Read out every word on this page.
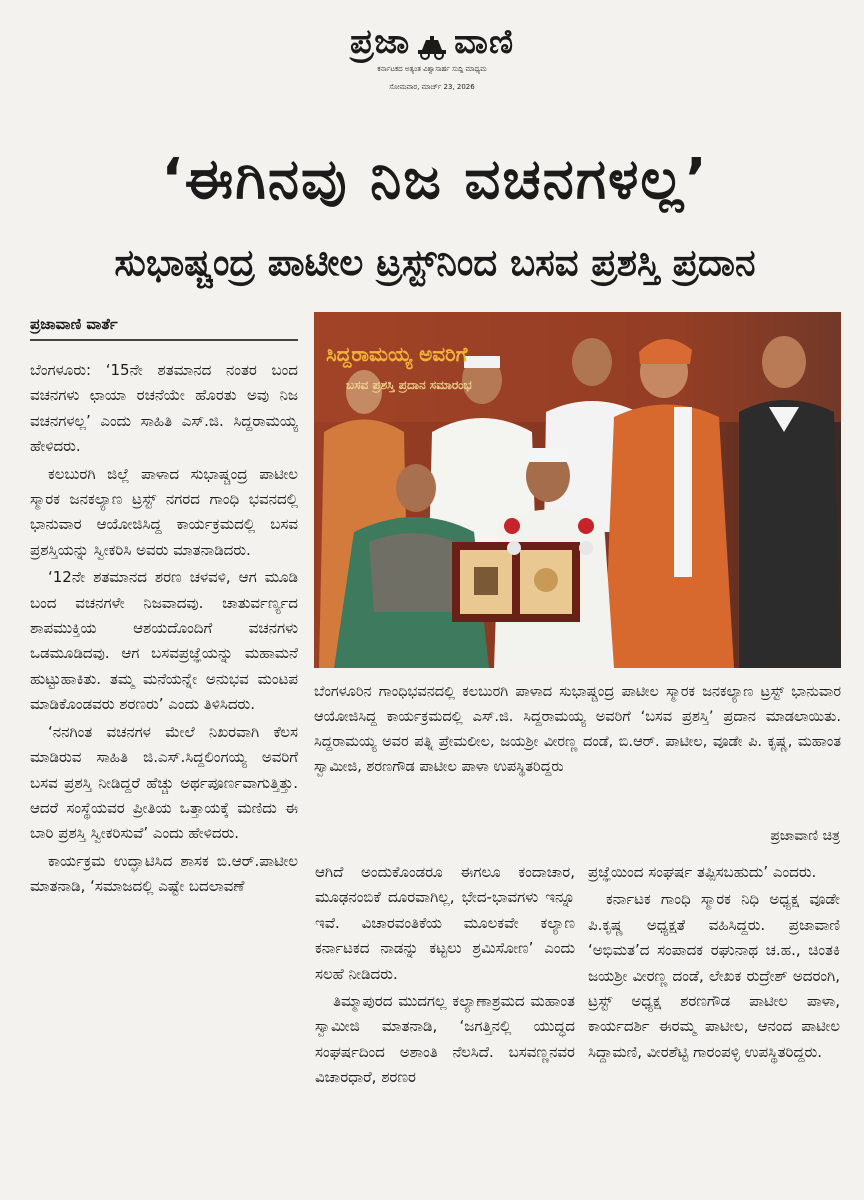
ಪ್ರಜಾ ವಾಣಿ
ಕರ್ನಾಟಕದ ಅತ್ಯಂತ ವಿಶ್ವಾಸಾರ್ಹ ಸುದ್ದಿ ಮಾಧ್ಯಮ
ಸೋಮವಾರ, ಮಾರ್ಚ್ 23, 2026
‘ಈಗಿನವು ನಿಜ ವಚನಗಳಲ್ಲ’
ಸುಭಾಷ್ಚಂದ್ರ ಪಾಟೀಲ ಟ್ರಸ್ಟ್‌ನಿಂದ ಬಸವ ಪ್ರಶಸ್ತಿ ಪ್ರದಾನ
ಪ್ರಜಾವಾಣಿ ವಾರ್ತೆ

ಬೆಂಗಳೂರು: ‘15ನೇ ಶತಮಾನದ ನಂತರ ಬಂದ ವಚನಗಳು ಛಾಯಾ ರಚನೆಯೇ ಹೊರತು ಅವು ನಿಜ ವಚನಗಳಲ್ಲ’ ಎಂದು ಸಾಹಿತಿ ಎಸ್.ಜಿ. ಸಿದ್ದರಾಮಯ್ಯ ಹೇಳಿದರು.

ಕಲಬುರಗಿ ಜಿಲ್ಲೆ ಪಾಳಾದ ಸುಭಾಷ್ಚಂದ್ರ ಪಾಟೀಲ ಸ್ಮಾರಕ ಜನಕಲ್ಯಾಣ ಟ್ರಸ್ಟ್ ನಗರದ ಗಾಂಧಿ ಭವನದಲ್ಲಿ ಭಾನುವಾರ ಆಯೋಜಿಸಿದ್ದ ಕಾರ್ಯಕ್ರಮದಲ್ಲಿ ಬಸವ ಪ್ರಶಸ್ತಿಯನ್ನು ಸ್ವೀಕರಿಸಿ ಅವರು ಮಾತನಾಡಿದರು.

‘12ನೇ ಶತಮಾನದ ಶರಣ ಚಳವಳಿ, ಆಗ ಮೂಡಿ ಬಂದ ವಚನಗಳೇ ನಿಜವಾದವು. ಚಾತುರ್ವರ್ಣ್ಯದ ಶಾಪಮುಕ್ತಿಯ ಆಶಯದೊಂದಿಗೆ ವಚನಗಳು ಒಡಮೂಡಿದವು. ಆಗ ಬಸವಪ್ರಜ್ಞೆಯನ್ನು ಮಹಾಮನೆ ಹುಟ್ಟುಹಾಕಿತು. ತಮ್ಮ ಮನೆಯನ್ನೇ ಅನುಭವ ಮಂಟಪ ಮಾಡಿಕೊಂಡವರು ಶರಣರು’ ಎಂದು ತಿಳಿಸಿದರು.

‘ನನಗಿಂತ ವಚನಗಳ ಮೇಲೆ ನಿಖರವಾಗಿ ಕೆಲಸ ಮಾಡಿರುವ ಸಾಹಿತಿ ಜಿ.ಎಸ್.ಸಿದ್ದಲಿಂಗಯ್ಯ ಅವರಿಗೆ ಬಸವ ಪ್ರಶಸ್ತಿ ನೀಡಿದ್ದರೆ ಹೆಚ್ಚು ಅರ್ಥಪೂರ್ಣವಾಗುತ್ತಿತ್ತು. ಆದರೆ ಸಂಸ್ಥೆಯವರ ಪ್ರೀತಿಯ ಒತ್ತಾಯಕ್ಕೆ ಮಣಿದು ಈ ಬಾರಿ ಪ್ರಶಸ್ತಿ ಸ್ವೀಕರಿಸುವೆ’ ಎಂದು ಹೇಳಿದರು.

ಕಾರ್ಯಕ್ರಮ ಉದ್ಘಾಟಿಸಿದ ಶಾಸಕ ಬಿ.ಆರ್.ಪಾಟೀಲ ಮಾತನಾಡಿ, ‘ಸಮಾಜದಲ್ಲಿ ಎಷ್ಟೇ ಬದಲಾವಣೆ

ಸಿದ್ದರಾಮಯ್ಯ ಅವರಿಗೆ
ಬಸವ ಪ್ರಶಸ್ತಿ ಪ್ರದಾನ ಸಮಾರಂಭ
ಬೆಂಗಳೂರಿನ ಗಾಂಧಿಭವನದಲ್ಲಿ ಕಲಬುರಗಿ ಪಾಳಾದ ಸುಭಾಷ್ಚಂದ್ರ ಪಾಟೀಲ ಸ್ಮಾರಕ ಜನಕಲ್ಯಾಣ ಟ್ರಸ್ಟ್ ಭಾನುವಾರ ಆಯೋಜಿಸಿದ್ದ ಕಾರ್ಯಕ್ರಮದಲ್ಲಿ ಎಸ್‌.ಜಿ. ಸಿದ್ದರಾಮಯ್ಯ ಅವರಿಗೆ ‘ಬಸವ ಪ್ರಶಸ್ತಿ’ ಪ್ರದಾನ ಮಾಡಲಾಯಿತು. ಸಿದ್ದರಾಮಯ್ಯ ಅವರ ಪತ್ನಿ ಪ್ರೇಮಲೀಲ, ಜಯಶ್ರೀ ವೀರಣ್ಣ ದಂಡೆ, ಬಿ.ಆರ್. ಪಾಟೀಲ, ವೂಡೇ ಪಿ. ಕೃಷ್ಣ, ಮಹಾಂತ ಸ್ವಾಮೀಜಿ, ಶರಣಗೌಡ ಪಾಟೀಲ ಪಾಳಾ ಉಪಸ್ಥಿತರಿದ್ದರು
ಪ್ರಜಾವಾಣಿ ಚಿತ್ರ

ಆಗಿದೆ ಅಂದುಕೊಂಡರೂ ಈಗಲೂ ಕಂದಾಚಾರ, ಮೂಢನಂಬಿಕೆ ದೂರವಾಗಿಲ್ಲ, ಭೇದ-ಭಾವಗಳು ಇನ್ನೂ ಇವೆ. ವಿಚಾರವಂತಿಕೆಯ ಮೂಲಕವೇ ಕಲ್ಯಾಣ ಕರ್ನಾಟಕದ ನಾಡನ್ನು ಕಟ್ಟಲು ಶ್ರಮಿಸೋಣ’ ಎಂದು ಸಲಹೆ ನೀಡಿದರು.

ತಿಮ್ಮಾಪುರದ ಮುದಗಲ್ಲ ಕಲ್ಯಾಣಾಶ್ರಮದ ಮಹಾಂತ ಸ್ವಾಮೀಜಿ ಮಾತನಾಡಿ, ‘ಜಗತ್ತಿನಲ್ಲಿ ಯುದ್ಧದ ಸಂಘರ್ಷದಿಂದ ಅಶಾಂತಿ ನೆಲಸಿದೆ. ಬಸವಣ್ಣನವರ ವಿಚಾರಧಾರೆ, ಶರಣರ

ಪ್ರಜ್ಞೆಯಿಂದ ಸಂಘರ್ಷ ತಪ್ಪಿಸಬಹುದು’ ಎಂದರು.

ಕರ್ನಾಟಕ ಗಾಂಧಿ ಸ್ಮಾರಕ ನಿಧಿ ಅಧ್ಯಕ್ಷ ವೂಡೇ ಪಿ.ಕೃಷ್ಣ ಅಧ್ಯಕ್ಷತೆ ವಹಿಸಿದ್ದರು. ಪ್ರಜಾವಾಣಿ ‘ಅಭಿಮತ’ದ ಸಂಪಾದಕ ರಘುನಾಥ ಚ.ಹ., ಚಿಂತಕಿ ಜಯಶ್ರೀ ವೀರಣ್ಣ ದಂಡೆ, ಲೇಖಕ ರುದ್ರೇಶ್ ಅದರಂಗಿ, ಟ್ರಸ್ಟ್ ಅಧ್ಯಕ್ಷ ಶರಣಗೌಡ ಪಾಟೀಲ ಪಾಳಾ, ಕಾರ್ಯದರ್ಶಿ ಈರಮ್ಮ ಪಾಟೀಲ, ಆನಂದ ಪಾಟೀಲ ಸಿದ್ದಾಮಣಿ, ವೀರಶೆಟ್ಟಿ ಗಾರಂಪಳ್ಳಿ ಉಪಸ್ಥಿತರಿದ್ದರು.
